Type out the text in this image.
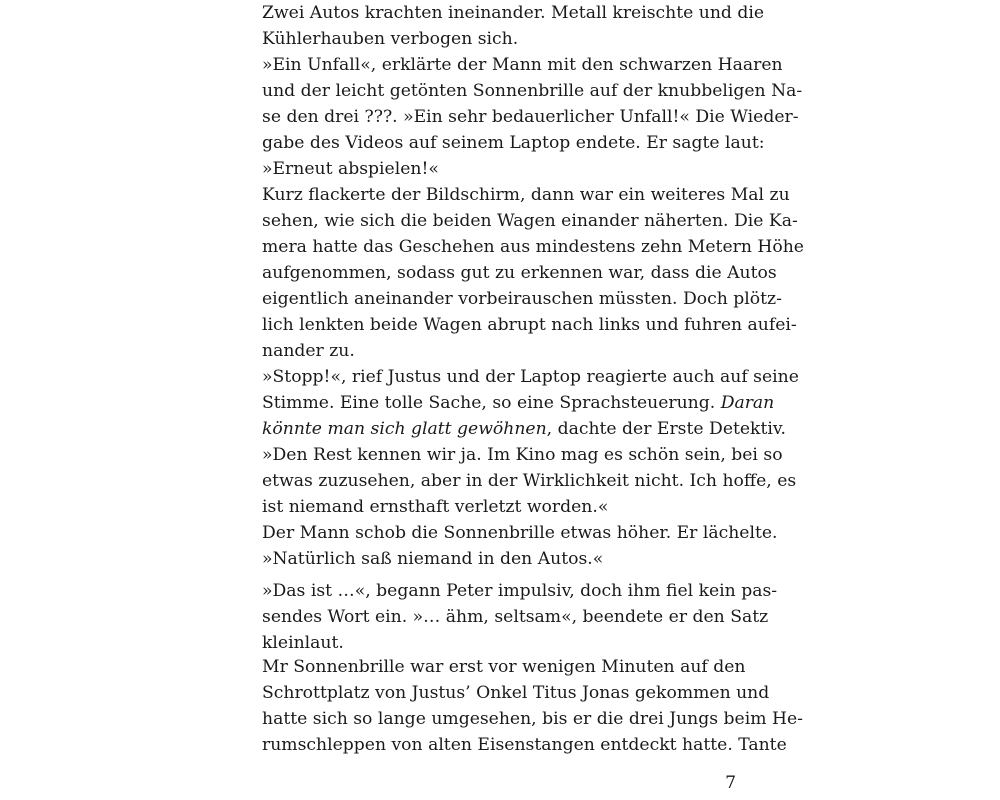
Zwei Autos krachten ineinander. Metall kreischte und die
Kühlerhauben verbogen sich.
»Ein Unfall«, erklärte der Mann mit den schwarzen Haaren
und der leicht getönten Sonnenbrille auf der knubbeligen Na-
se den drei ???. »Ein sehr bedauerlicher Unfall!« Die Wieder-
gabe des Videos auf seinem Laptop endete. Er sagte laut:
»Erneut abspielen!«
Kurz flackerte der Bildschirm, dann war ein weiteres Mal zu
sehen, wie sich die beiden Wagen einander näherten. Die Ka-
mera hatte das Geschehen aus mindestens zehn Metern Höhe
aufgenommen, sodass gut zu erkennen war, dass die Autos
eigentlich aneinander vorbeirauschen müssten. Doch plötz-
lich lenkten beide Wagen abrupt nach links und fuhren aufei-
nander zu.
»Stopp!«, rief Justus und der Laptop reagierte auch auf seine
Stimme. Eine tolle Sache, so eine Sprachsteuerung. Daran
könnte man sich glatt gewöhnen, dachte der Erste Detektiv.
»Den Rest kennen wir ja. Im Kino mag es schön sein, bei so
etwas zuzusehen, aber in der Wirklichkeit nicht. Ich hoffe, es
ist niemand ernsthaft verletzt worden.«
Der Mann schob die Sonnenbrille etwas höher. Er lächelte.
»Natürlich saß niemand in den Autos.«
»Das ist …«, begann Peter impulsiv, doch ihm fiel kein pas-
sendes Wort ein. »… ähm, seltsam«, beendete er den Satz
kleinlaut.
Mr Sonnenbrille war erst vor wenigen Minuten auf den
Schrottplatz von Justus’ Onkel Titus Jonas gekommen und
hatte sich so lange umgesehen, bis er die drei Jungs beim He-
rumschleppen von alten Eisenstangen entdeckt hatte. Tante
7
